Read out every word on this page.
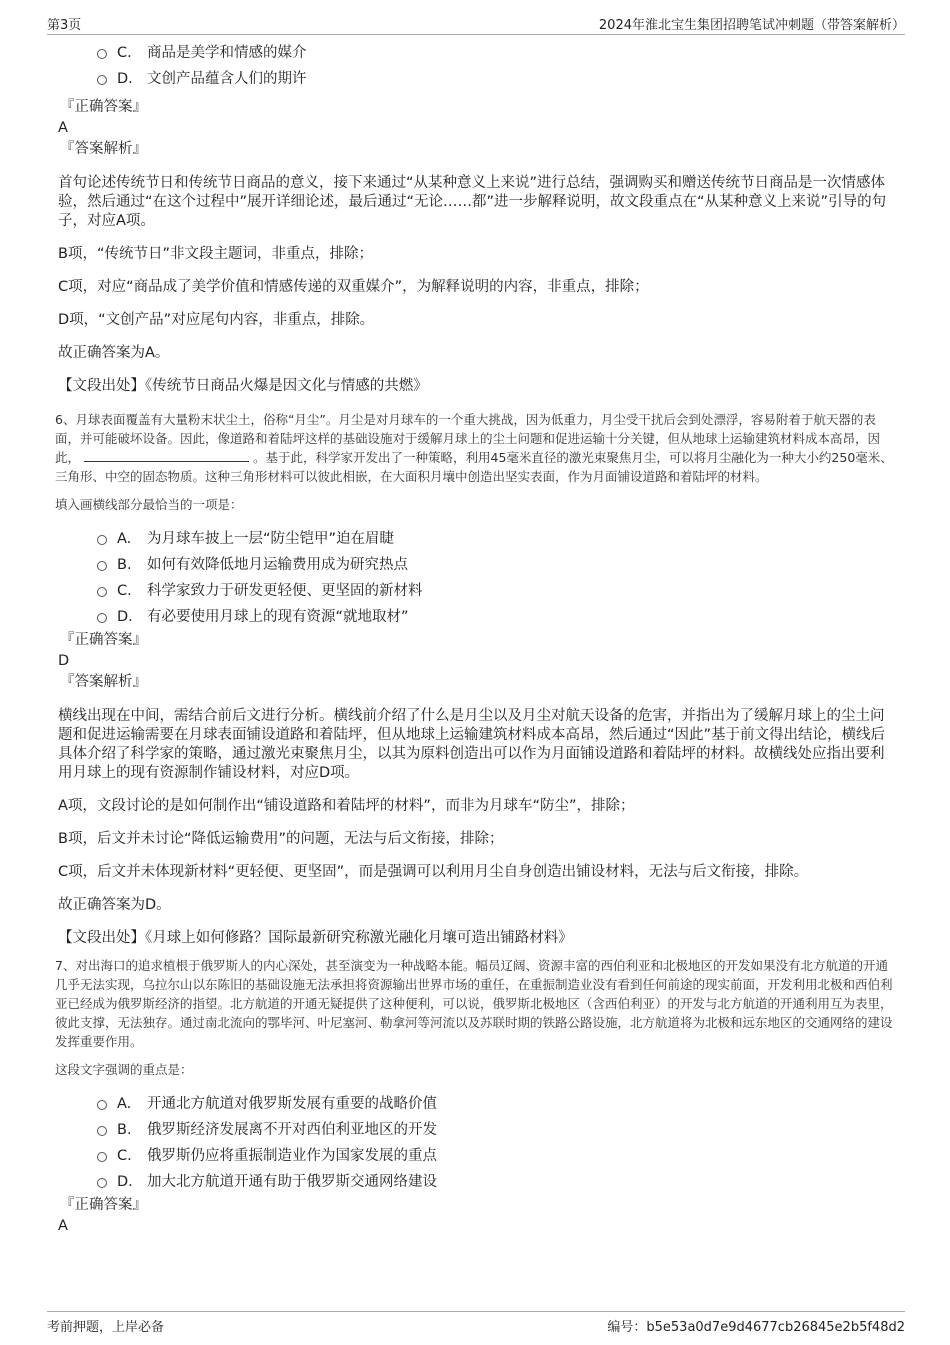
第3页	2024年淮北宝生集团招聘笔试冲刺题（带答案解析）
C. 商品是美学和情感的媒介
D. 文创产品蕴含人们的期许
『正确答案』
A
『答案解析』

首句论述传统节日和传统节日商品的意义，接下来通过“从某种意义上来说”进行总结，强调购买和赠送传统节日商品是一次情感体验，然后通过“在这个过程中”展开详细论述，最后通过“无论……都”进一步解释说明，故文段重点在“从某种意义上来说”引导的句子，对应A项。

B项，“传统节日”非文段主题词，非重点，排除；

C项，对应“商品成了美学价值和情感传递的双重媒介”，为解释说明的内容，非重点，排除；

D项，“文创产品”对应尾句内容，非重点，排除。

故正确答案为A。

【文段出处】《传统节日商品火爆是因文化与情感的共燃》

6、月球表面覆盖有大量粉末状尘土，俗称“月尘”。月尘是对月球车的一个重大挑战，因为低重力，月尘受干扰后会到处漂浮，容易附着于航天器的表面，并可能破坏设备。因此，像道路和着陆坪这样的基础设施对于缓解月球上的尘土问题和促进运输十分关键，但从地球上运输建筑材料成本高昂，因此，	。基于此，科学家开发出了一种策略，利用45毫米直径的激光束聚焦月尘，可以将月尘融化为一种大小约250毫米、三角形、中空的固态物质。这种三角形材料可以彼此相嵌，在大面积月壤中创造出坚实表面，作为月面铺设道路和着陆坪的材料。

填入画横线部分最恰当的一项是：

A. 为月球车披上一层“防尘铠甲”迫在眉睫
B. 如何有效降低地月运输费用成为研究热点
C. 科学家致力于研发更轻便、更坚固的新材料
D. 有必要使用月球上的现有资源“就地取材”
『正确答案』
D
『答案解析』

横线出现在中间，需结合前后文进行分析。横线前介绍了什么是月尘以及月尘对航天设备的危害，并指出为了缓解月球上的尘土问题和促进运输需要在月球表面铺设道路和着陆坪，但从地球上运输建筑材料成本高昂，然后通过“因此”基于前文得出结论，横线后具体介绍了科学家的策略，通过激光束聚焦月尘，以其为原料创造出可以作为月面铺设道路和着陆坪的材料。故横线处应指出要利用月球上的现有资源制作铺设材料，对应D项。

A项，文段讨论的是如何制作出“铺设道路和着陆坪的材料”，而非为月球车“防尘”，排除；

B项，后文并未讨论“降低运输费用”的问题，无法与后文衔接，排除；

C项，后文并未体现新材料“更轻便、更坚固”，而是强调可以利用月尘自身创造出铺设材料，无法与后文衔接，排除。

故正确答案为D。

【文段出处】《月球上如何修路？国际最新研究称激光融化月壤可造出铺路材料》

7、对出海口的追求植根于俄罗斯人的内心深处，甚至演变为一种战略本能。幅员辽阔、资源丰富的西伯利亚和北极地区的开发如果没有北方航道的开通几乎无法实现，乌拉尔山以东陈旧的基础设施无法承担将资源输出世界市场的重任，在重振制造业没有看到任何前途的现实前面，开发利用北极和西伯利亚已经成为俄罗斯经济的指望。北方航道的开通无疑提供了这种便利，可以说，俄罗斯北极地区（含西伯利亚）的开发与北方航道的开通利用互为表里，彼此支撑，无法独存。通过南北流向的鄂毕河、叶尼塞河、勒拿河等河流以及苏联时期的铁路公路设施，北方航道将为北极和远东地区的交通网络的建设发挥重要作用。

这段文字强调的重点是：

A. 开通北方航道对俄罗斯发展有重要的战略价值
B. 俄罗斯经济发展离不开对西伯利亚地区的开发
C. 俄罗斯仍应将重振制造业作为国家发展的重点
D. 加大北方航道开通有助于俄罗斯交通网络建设
『正确答案』
A
考前押题，上岸必备	编号：b5e53a0d7e9d4677cb26845e2b5f48d2
